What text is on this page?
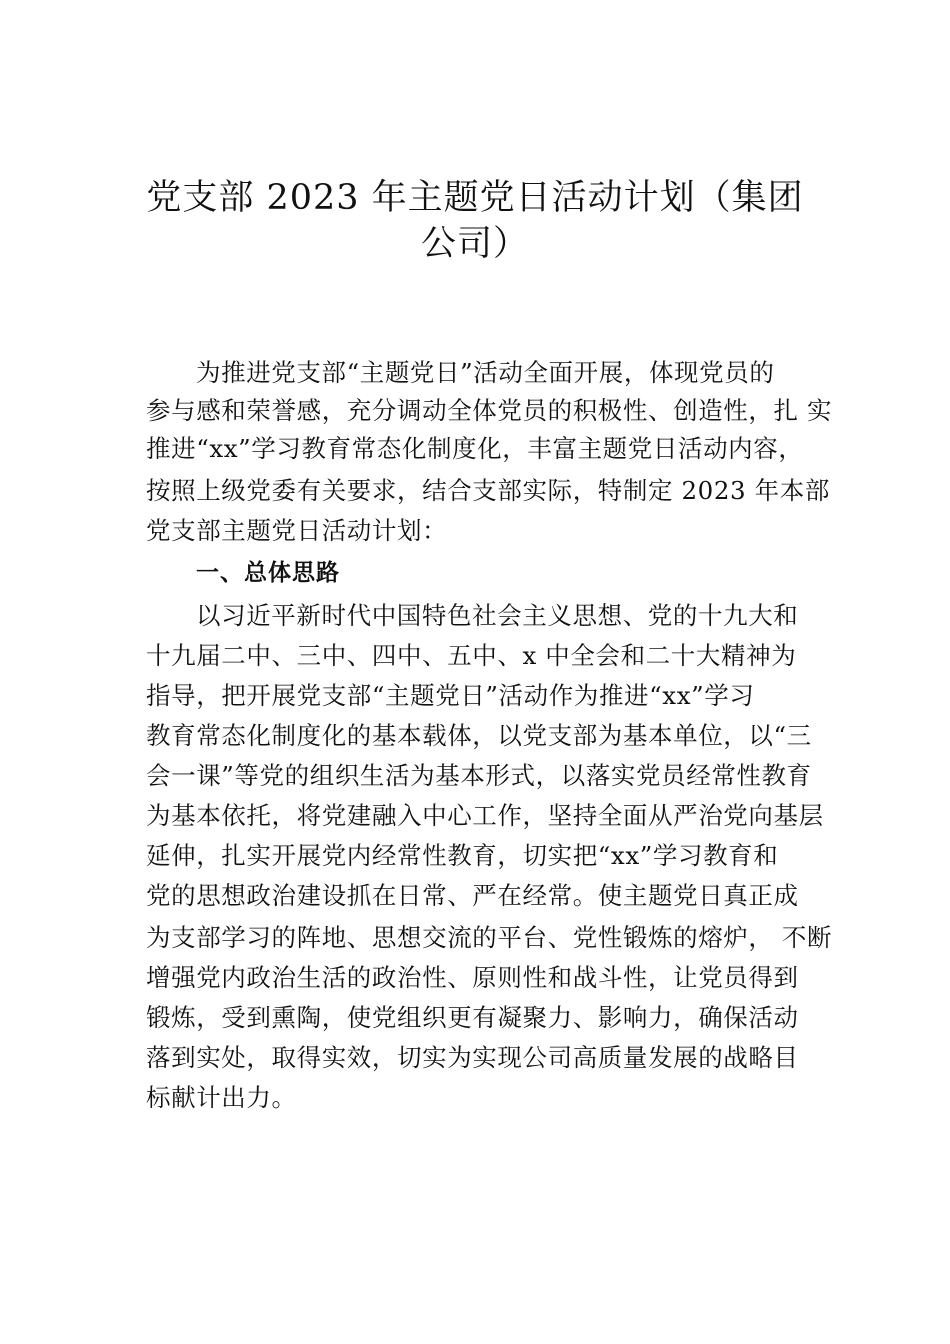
党支部 2023 年主题党日活动计划（集团
公司）
为推进党支部“主题党日”活动全面开展，体现党员的
参与感和荣誉感，充分调动全体党员的积极性、创造性，扎 实
推进“xx”学习教育常态化制度化，丰富主题党日活动内容，
按照上级党委有关要求，结合支部实际，特制定 2023 年本部
党支部主题党日活动计划：
一、总体思路
以习近平新时代中国特色社会主义思想、党的十九大和
十九届二中、三中、四中、五中、x 中全会和二十大精神为
指导，把开展党支部“主题党日”活动作为推进“xx”学习
教育常态化制度化的基本载体，以党支部为基本单位，以“三
会一课”等党的组织生活为基本形式，以落实党员经常性教育
为基本依托，将党建融入中心工作，坚持全面从严治党向基层
延伸，扎实开展党内经常性教育，切实把“xx”学习教育和
党的思想政治建设抓在日常、严在经常。使主题党日真正成
为支部学习的阵地、思想交流的平台、党性锻炼的熔炉， 不断
增强党内政治生活的政治性、原则性和战斗性，让党员得到
锻炼，受到熏陶，使党组织更有凝聚力、影响力，确保活动
落到实处，取得实效，切实为实现公司高质量发展的战略目
标献计出力。
